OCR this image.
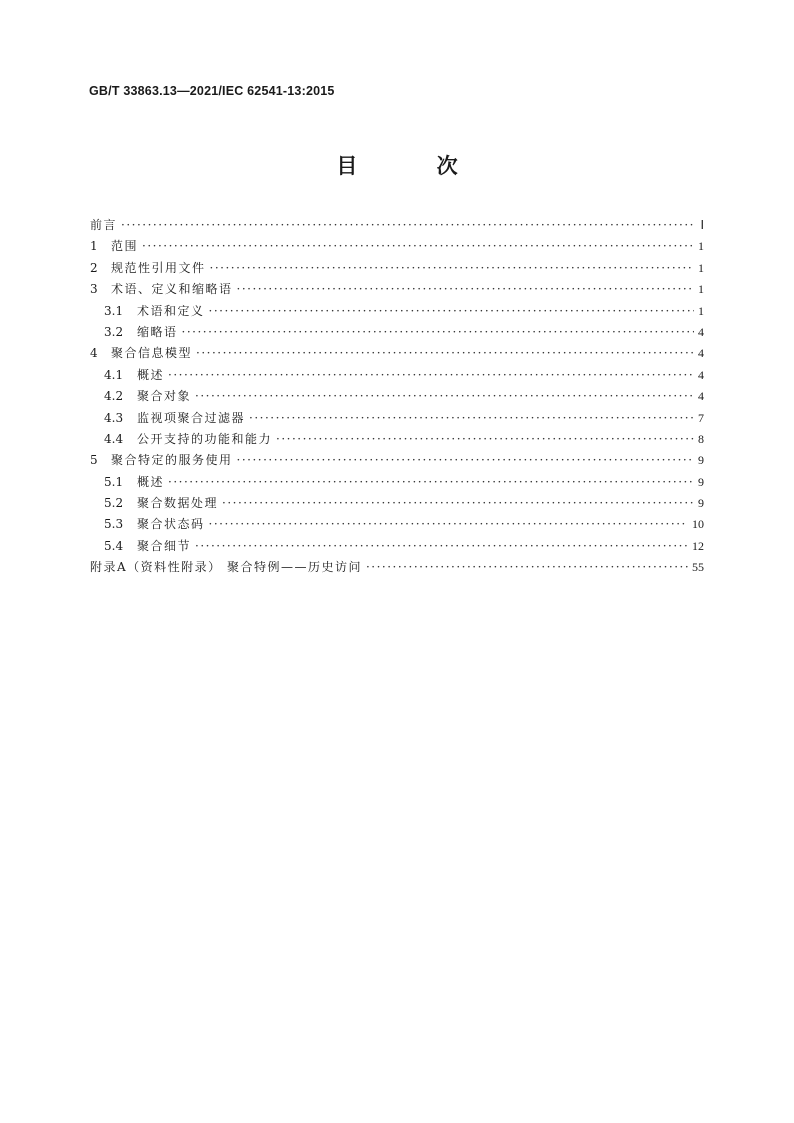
GB/T 33863.13—2021/IEC 62541-13:2015
目 次
前言 ·····	Ⅰ
1	范围 ·····	1
2	规范性引用文件 ·····	1
3	术语、定义和缩略语 ·····	1
3.1	术语和定义 ·····	1
3.2	缩略语 ·····	4
4	聚合信息模型 ·····	4
4.1	概述 ·····	4
4.2	聚合对象 ·····	4
4.3	监视项聚合过滤器 ·····	7
4.4	公开支持的功能和能力 ·····	8
5	聚合特定的服务使用 ·····	9
5.1	概述 ·····	9
5.2	聚合数据处理 ·····	9
5.3	聚合状态码 ·····	10
5.4	聚合细节 ·····	12
附录A（资料性附录） 聚合特例——历史访问 ·····	55
